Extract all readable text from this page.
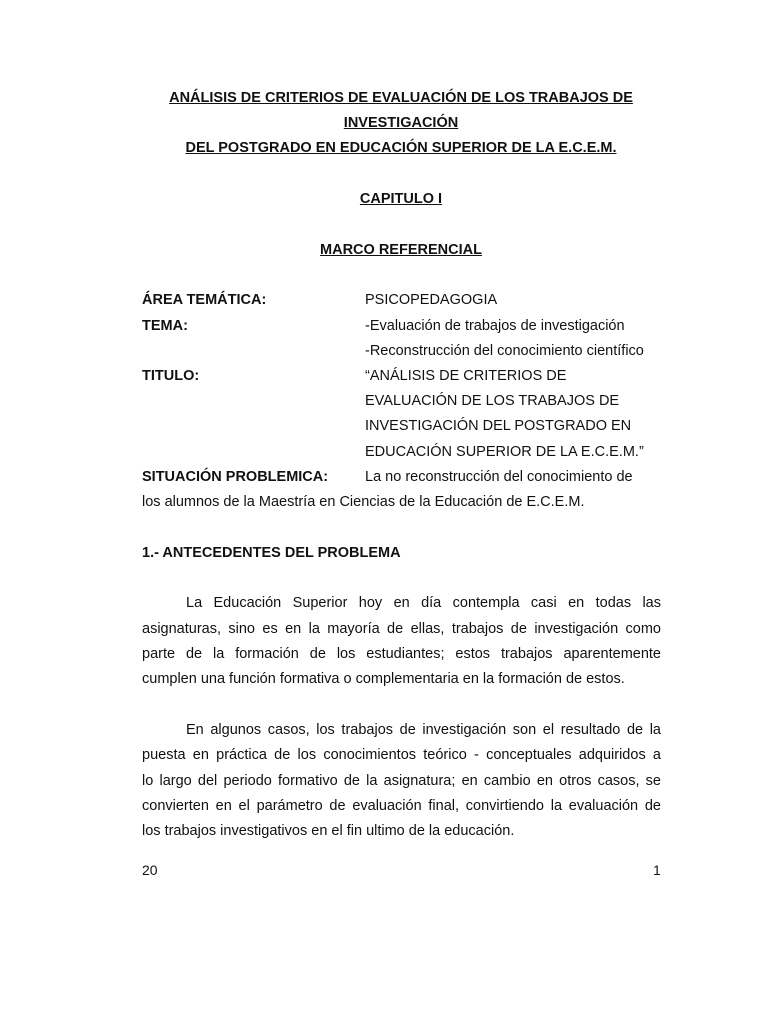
ANÁLISIS DE CRITERIOS DE EVALUACIÓN DE LOS TRABAJOS DE
INVESTIGACIÓN
DEL POSTGRADO EN EDUCACIÓN SUPERIOR DE LA E.C.E.M.
CAPITULO I
MARCO REFERENCIAL
ÁREA TEMÁTICA:	PSICOPEDAGOGIA
TEMA:	-Evaluación de trabajos de investigación
-Reconstrucción del conocimiento científico
TITULO:	“ANÁLISIS DE CRITERIOS DE
EVALUACIÓN DE LOS TRABAJOS DE
INVESTIGACIÓN DEL POSTGRADO EN
EDUCACIÓN SUPERIOR DE LA E.C.E.M.”
SITUACIÓN PROBLEMICA:	La no reconstrucción del conocimiento de
los alumnos de la Maestría en Ciencias de la Educación de E.C.E.M.
1.- ANTECEDENTES DEL PROBLEMA
La Educación Superior hoy en día contempla casi en todas las
asignaturas, sino es en la mayoría de ellas, trabajos de investigación como
parte de la formación de los estudiantes; estos trabajos aparentemente
cumplen una función formativa o complementaria en la formación de estos.
En algunos casos, los trabajos de investigación son el resultado de la
puesta en práctica de los conocimientos teórico - conceptuales adquiridos a
lo largo del periodo formativo de la asignatura; en cambio en otros casos, se
convierten en el parámetro de evaluación final, convirtiendo la evaluación de
los trabajos investigativos en el fin ultimo de la educación.
20	1
